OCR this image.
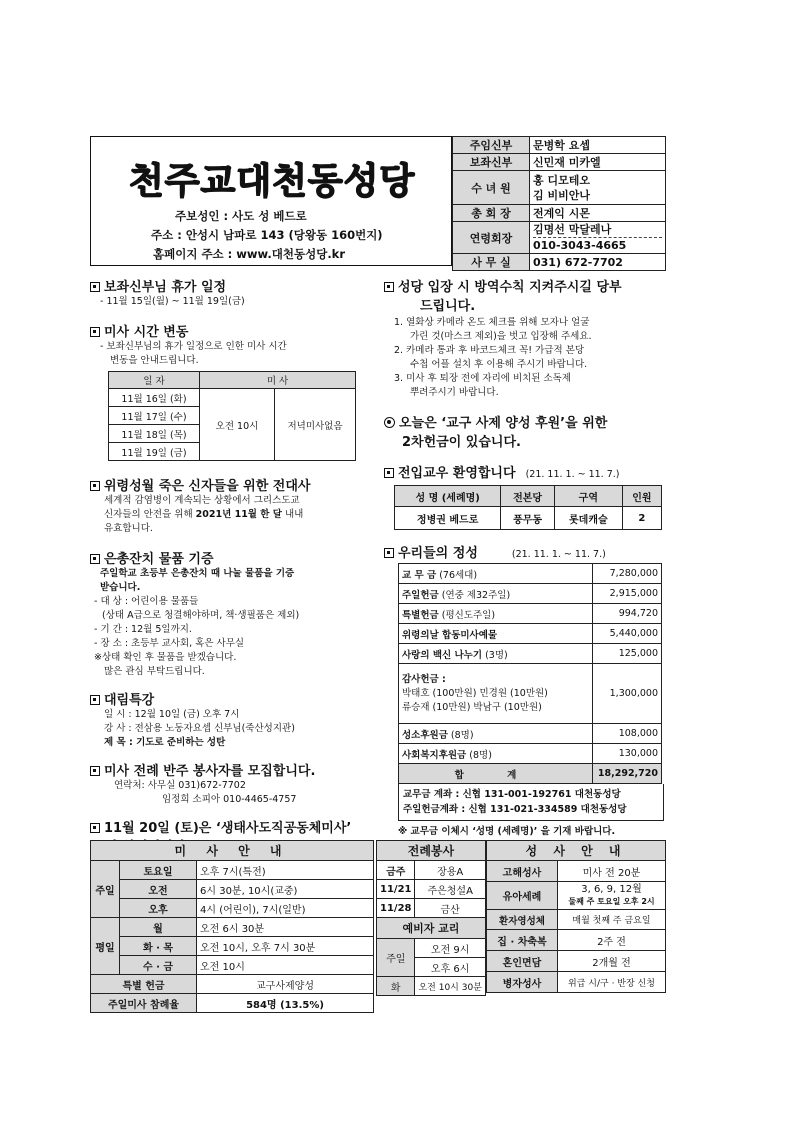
천주교대천동성당
주보성인 : 사도 성 베드로
주소 : 안성시 남파로 143 (당왕동 160번지)
홈페이지 주소 : www.대천동성당.kr
주임신부	문병학 요셉
보좌신부	신민재 미카엘
수 녀 원	홍 디모테오
김 비비안나
총 회 장	전계익 시몬
연령회장	김명선 막달레나
010-3043-4665

사 무 실	031) 672-7702
보좌신부님 휴가 일정
- 11월 15일(월) ~ 11월 19일(금)
미사 시간 변동
- 보좌신부님의 휴가 일정으로 인한 미사 시간
변동을 안내드립니다.
일 자	미 사	
11월 16일 (화)	오전 10시	저녁미사없음
11월 17일 (수)		
11월 18일 (목)		
11월 19일 (금)		
위령성월 죽은 신자들을 위한 전대사
세계적 감염병이 계속되는 상황에서 그리스도교
신자들의 안전을 위해 2021년 11월 한 달 내내
유효합니다.
은총잔치 물품 기증
주일학교 초등부 은총잔치 때 나눌 물품을 기증
받습니다.
- 대 상 : 어린이용 물품들
(상태 A급으로 청결해야하며, 책·생필품은 제외)
- 기 간 : 12월 5일까지.
- 장 소 : 초등부 교사회, 혹은 사무실
※상태 확인 후 물품을 받겠습니다.
많은 관심 부탁드립니다.
대림특강
일 시 : 12월 10일 (금) 오후 7시
강 사 : 전삼용 노동자요셉 신부님(죽산성지관)
제 목 : 기도로 준비하는 성탄
미사 전례 반주 봉사자를 모집합니다.
연락처: 사무실 031)672-7702
임정희 소피아 010-4465-4757
11월 20일 (토)은 ‘생태사도직공동체미사’
성당 입장 시 방역수칙 지켜주시길 당부
드립니다.
1. 열화상 카메라 온도 체크를 위해 모자나 얼굴
가린 것(마스크 제외)을 벗고 입장해 주세요.
2. 카메라 통과 후 바코드체크 꼭! 가급적 본당
수첩 어플 설치 후 이용해 주시기 바랍니다.
3. 미사 후 퇴장 전에 자리에 비치된 소독제
뿌려주시기 바랍니다.
오늘은 ‘교구 사제 양성 후원’을 위한
2차헌금이 있습니다.
전입교우 환영합니다 (21. 11. 1. ~ 11. 7.)
성 명 (세례명)	전본당	구역	인원
정병권 베드로	풍무동	롯데캐슬	2
우리들의 정성	(21. 11. 1. ~ 11. 7.)
교 무 금 (76세대)	7,280,000
주일헌금 (연중 제32주일)	2,915,000
특별헌금 (평신도주일)	994,720
위령의날 합동미사예물	5,440,000
사랑의 백신 나누기 (3명)	125,000
감사헌금 :
박태호 (100만원) 민경원 (10만원)
류승재 (10만원) 박남구 (10만원)	1,300,000
성소후원금 (8명)	108,000
사회복지후원금 (8명)	130,000
합 계	18,292,720
교무금 계좌 : 신협 131-001-192761 대천동성당
주일헌금계좌 : 신협 131-021-334589 대천동성당
※ 교무금 이체시 ‘성명 (세례명)’ 을 기재 바랍니다.
미 사 안 내		
주일	토요일	오후 7시(특전)
	오전	6시 30분, 10시(교중)
	오후	4시 (어린이), 7시(일반)
평일	월	오전 6시 30분
	화 · 목	오전 10시, 오후 7시 30분
	수 · 금	오전 10시
특별 헌금		교구사제양성
주일미사 참례율		584명 (13.5%)
전례봉사	
금주	장용A
11/21	주은청설A
11/28	금산
예비자 교리	
주일	오전 9시
	오후 6시
화	오전 10시 30분
성 사 안 내	
고해성사	미사 전 20분
유아세례	3, 6, 9, 12월
둘째 주 토요일 오후 2시

환자영성체	매월 첫째 주 금요일
집 · 차축복	2주 전
혼인면담	2개월 전
병자성사	위급 시/구 · 반장 신청
